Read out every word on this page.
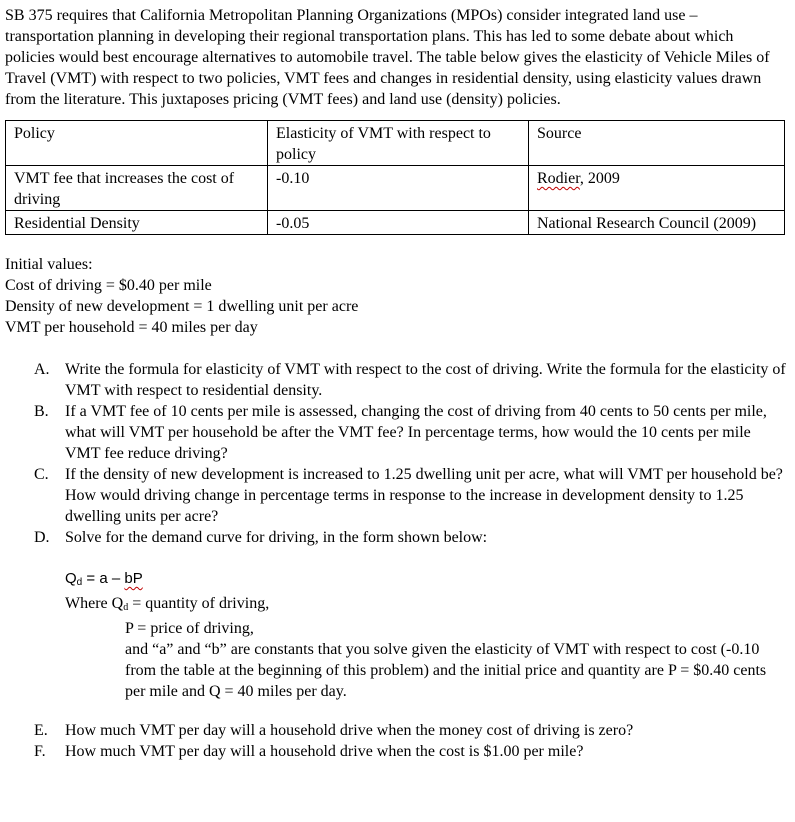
SB 375 requires that California Metropolitan Planning Organizations (MPOs) consider integrated land use – transportation planning in developing their regional transportation plans. This has led to some debate about which policies would best encourage alternatives to automobile travel. The table below gives the elasticity of Vehicle Miles of Travel (VMT) with respect to two policies, VMT fees and changes in residential density, using elasticity values drawn from the literature. This juxtaposes pricing (VMT fees) and land use (density) policies.

Policy	Elasticity of VMT with respect to policy	Source
VMT fee that increases the cost of driving	-0.10	Rodier, 2009
Residential Density	-0.05	National Research Council (2009)
Initial values:
Cost of driving = $0.40 per mile
Density of new development = 1 dwelling unit per acre
VMT per household = 40 miles per day
A. Write the formula for elasticity of VMT with respect to the cost of driving. Write the formula for the elasticity of VMT with respect to residential density.
B. If a VMT fee of 10 cents per mile is assessed, changing the cost of driving from 40 cents to 50 cents per mile, what will VMT per household be after the VMT fee? In percentage terms, how would the 10 cents per mile VMT fee reduce driving?
C. If the density of new development is increased to 1.25 dwelling unit per acre, what will VMT per household be? How would driving change in percentage terms in response to the increase in development density to 1.25 dwelling units per acre?
D. Solve for the demand curve for driving, in the form shown below:
$Q_d = a$ – bP
Where $Q_d$ = quantity of driving,
P = price of driving,
and “a” and “b” are constants that you solve given the elasticity of VMT with respect to cost (-0.10 from the table at the beginning of this problem) and the initial price and quantity are P = $0.40 cents per mile and Q = 40 miles per day.
E. How much VMT per day will a household drive when the money cost of driving is zero?
F. How much VMT per day will a household drive when the cost is $1.00 per mile?
